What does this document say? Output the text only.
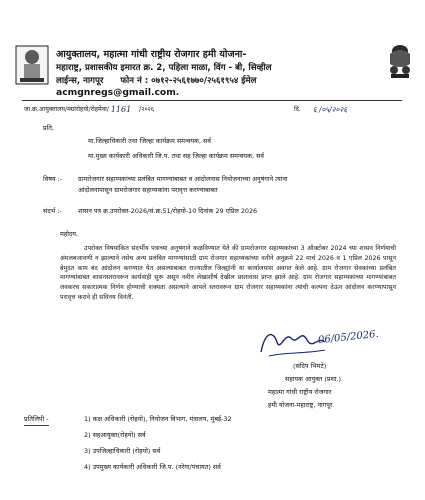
आयुक्तालय, महात्मा गांधी राष्ट्रीय रोजगार हमी योजना-
महाराष्ट्र, प्रशासकीय इमारत क्र. 2, पहिला माळा, विंग - बी, सिव्हील
लाईन्स, नागपूर फोन नं : ०७१२-२५६१७७०/२५६१९५४ ईमेल
acmgnregs@gmail.com.
जा.क्र.आयुक्तालय/मग्रांरोहयो/रोहमेवा/ 1161 /२०२६	दि. ६ /०५/२०२६
प्रति,
मा.जिल्हाधिकारी तथा जिल्हा कार्यक्रम समन्वयक, सर्व
मा.मुख्य कार्यकारी अधिकारी जि.प. तथा सह जिल्हा कार्यक्रम समन्वयक, सर्व
विषय :- ग्रामरोजगार सहाय्यकांच्या प्रलंबित मागण्यांबाबत व आंदोलनास नियोजनाच्या अनुषंगाने त्यांना
आंदोलनापासून ग्रामरोजगार सहाय्यकांना परावृत्त करण्याबाबत
संदर्भ :-	शासन पत्र क्र.उपरोक्त-2026/सं.क्र.51/रोहयो-10 दिनांक 29 एप्रिल 2026
महोदय,
उपरोक्त विषयांकित संदर्भीय पत्राच्या अनुषंगाने कळविण्यात येते की ग्रामरोजगार सहाय्यकांच्या 3 ऑक्टोबर 2024 च्या शासन निर्णयाची अंमलबजावणी न झाल्याने तसेच अन्य प्रलंबित मागण्यांसाठी ग्राम रोजगार सहाय्यकांच्या वतीने अनुक्रमे 22 मार्च 2026 व 1 एप्रिल 2026 पासून बेमुदत काम बंद आंदोलन करण्यात येत असल्याबाबत राज्यातील जिल्ह्यांनी या कार्यालयास अवगत केले आहे. ग्राम रोजगार सेवकांच्या प्रलंबित मागण्यांबाबत शासनस्तरावरून कार्यवाही सुरू असून नवीन लेखाशीर्ष देखील प्रस्तावास प्राप्त झाले आहे. ग्राम रोजगार सहाय्यकांच्या मागण्यांबाबत लवकरच सकारात्मक निर्णय होण्याची शक्यता असल्याने आपले स्तरावरून ग्राम रोजगार सहाय्यकांना त्यांची कल्पना देऊन आंदोलन करण्यापासून परावृत्त करावे ही सविनय विनंती.
06/05/2026.
(संदिप भिमटे)
सहायक आयुक्त (प्रशा.)
महात्मा गांधी राष्ट्रीय रोजगार
हमी योजना-महाराष्ट्र, नागपूर
प्रतिलिपी -	1) कक्ष अधिकारी (रोहयो), नियोजन विभाग, मंत्रालय, मुंबई-32
2) सहआयुक्त(रोहयो) सर्व
3) उपजिल्हाधिकारी (रोहयो) सर्व
4) उपमुख्य कार्यकारी अधिकारी जि.प. (नरेगा/पंचायत) सर्व
